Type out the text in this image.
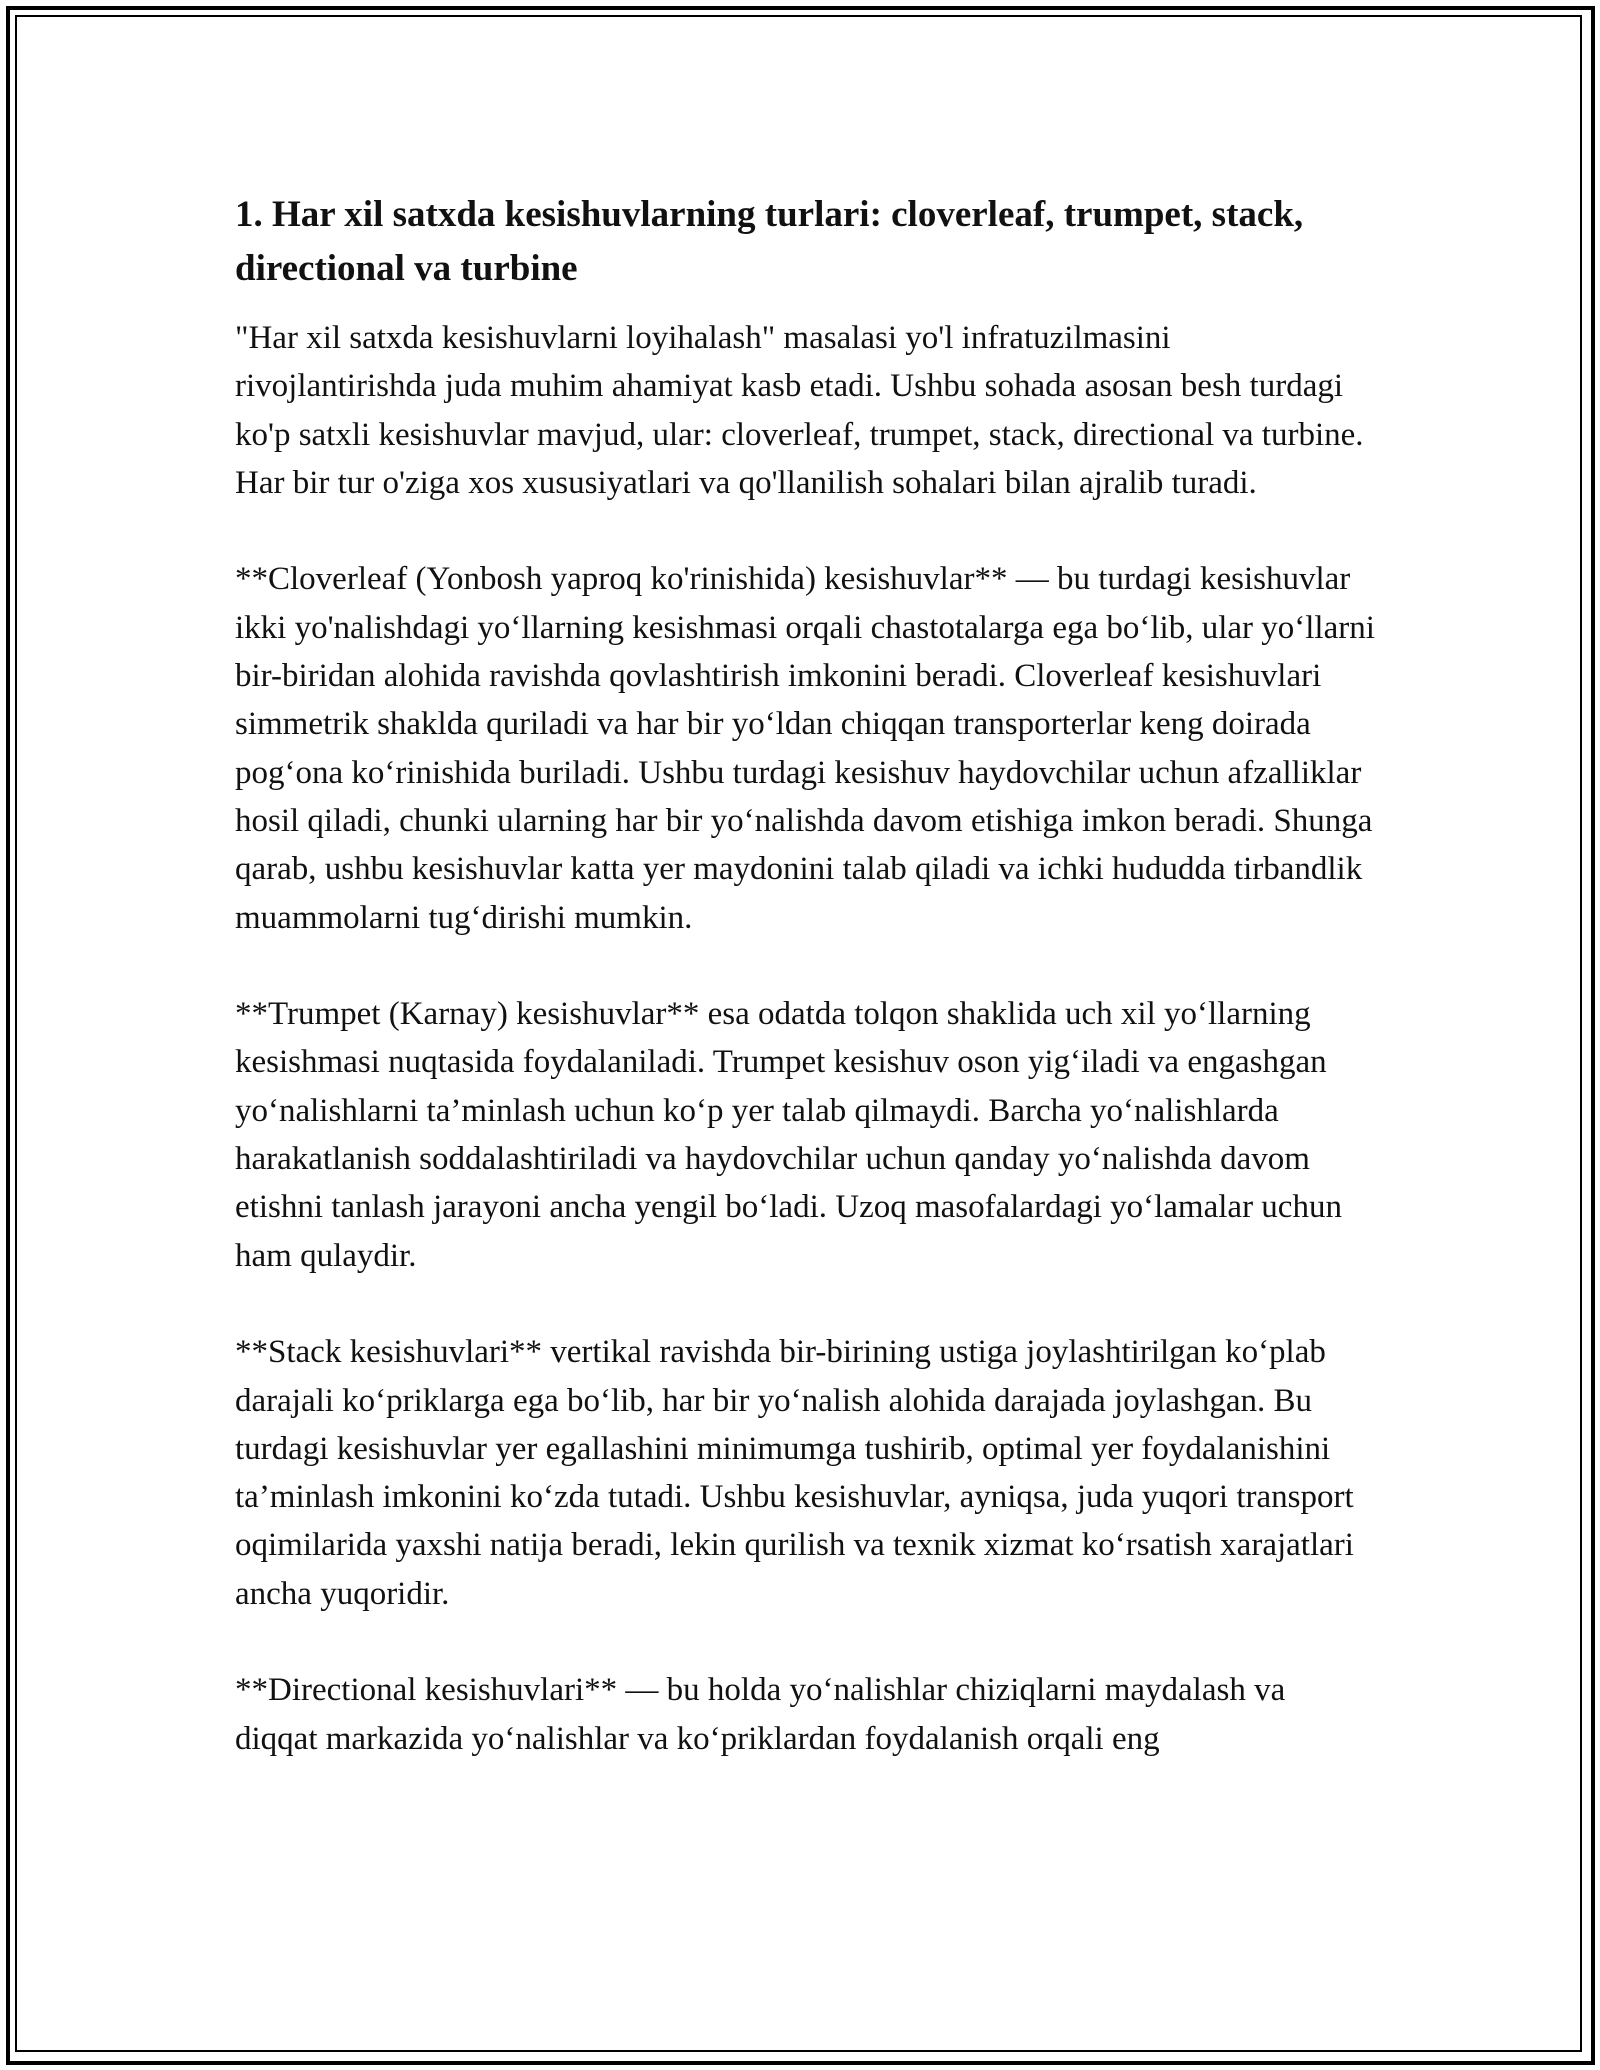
1. Har xil satxda kesishuvlarning turlari: cloverleaf, trumpet, stack, directional va turbine

"Har xil satxda kesishuvlarni loyihalash" masalasi yo'l infratuzilmasini rivojlantirishda juda muhim ahamiyat kasb etadi. Ushbu sohada asosan besh turdagi ko'p satxli kesishuvlar mavjud, ular: cloverleaf, trumpet, stack, directional va turbine. Har bir tur o'ziga xos xususiyatlari va qo'llanilish sohalari bilan ajralib turadi.

**Cloverleaf (Yonbosh yaproq ko'rinishida) kesishuvlar** — bu turdagi kesishuvlar ikki yo'nalishdagi yo‘llarning kesishmasi orqali chastotalarga ega bo‘lib, ular yo‘llarni bir-biridan alohida ravishda qovlashtirish imkonini beradi. Cloverleaf kesishuvlari simmetrik shaklda quriladi va har bir yo‘ldan chiqqan transporterlar keng doirada pog‘ona ko‘rinishida buriladi. Ushbu turdagi kesishuv haydovchilar uchun afzalliklar hosil qiladi, chunki ularning har bir yo‘nalishda davom etishiga imkon beradi. Shunga qarab, ushbu kesishuvlar katta yer maydonini talab qiladi va ichki hududda tirbandlik muammolarni tug‘dirishi mumkin.

**Trumpet (Karnay) kesishuvlar** esa odatda tolqon shaklida uch xil yo‘llarning kesishmasi nuqtasida foydalaniladi. Trumpet kesishuv oson yig‘iladi va engashgan yo‘nalishlarni ta’minlash uchun ko‘p yer talab qilmaydi. Barcha yo‘nalishlarda harakatlanish soddalashtiriladi va haydovchilar uchun qanday yo‘nalishda davom etishni tanlash jarayoni ancha yengil bo‘ladi. Uzoq masofalardagi yo‘lamalar uchun ham qulaydir.

**Stack kesishuvlari** vertikal ravishda bir-birining ustiga joylashtirilgan ko‘plab darajali ko‘priklarga ega bo‘lib, har bir yo‘nalish alohida darajada joylashgan. Bu turdagi kesishuvlar yer egallashini minimumga tushirib, optimal yer foydalanishini ta’minlash imkonini ko‘zda tutadi. Ushbu kesishuvlar, ayniqsa, juda yuqori transport oqimilarida yaxshi natija beradi, lekin qurilish va texnik xizmat ko‘rsatish xarajatlari ancha yuqoridir.

**Directional kesishuvlari** — bu holda yo‘nalishlar chiziqlarni maydalash va diqqat markazida yo‘nalishlar va ko‘priklardan foydalanish orqali eng
